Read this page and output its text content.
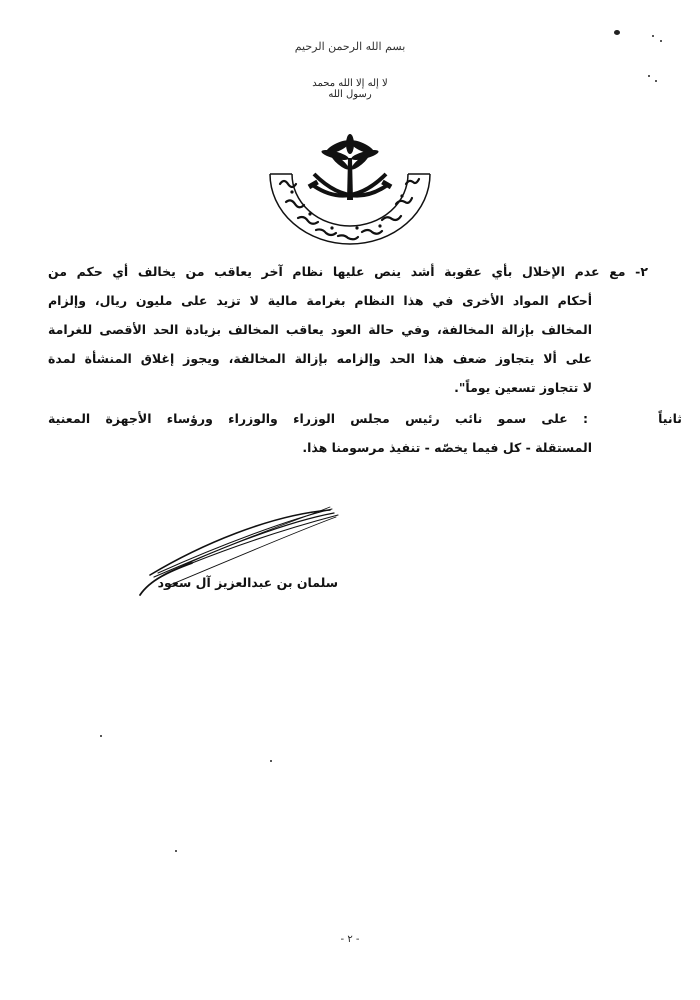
بسم الله الرحمن الرحيم
لا إله إلا الله محمد رسول الله
المملكة العربية السعودية
٢- مع عدم الإخلال بأي عقوبة أشد ينص عليها نظام آخر يعاقب من يخالف أي حكم من
أحكام المواد الأخرى في هذا النظام بغرامة مالية لا تزيد على مليون ريال، وإلزام
المخالف بإزالة المخالفة، وفي حالة العود يعاقب المخالف بزيادة الحد الأقصى للغرامة
على ألا يتجاوز ضعف هذا الحد وإلزامه بإزالة المخالفة، ويجوز إغلاق المنشأة لمدة
لا تتجاوز تسعين يوماً".
ثانياً
: على سمو نائب رئيس مجلس الوزراء والوزراء ورؤساء الأجهزة المعنية
المستقلة - كل فيما يخصّه - تنفيذ مرسومنا هذا.
سلمان بن عبدالعزيز آل سعود
- ٢ -
